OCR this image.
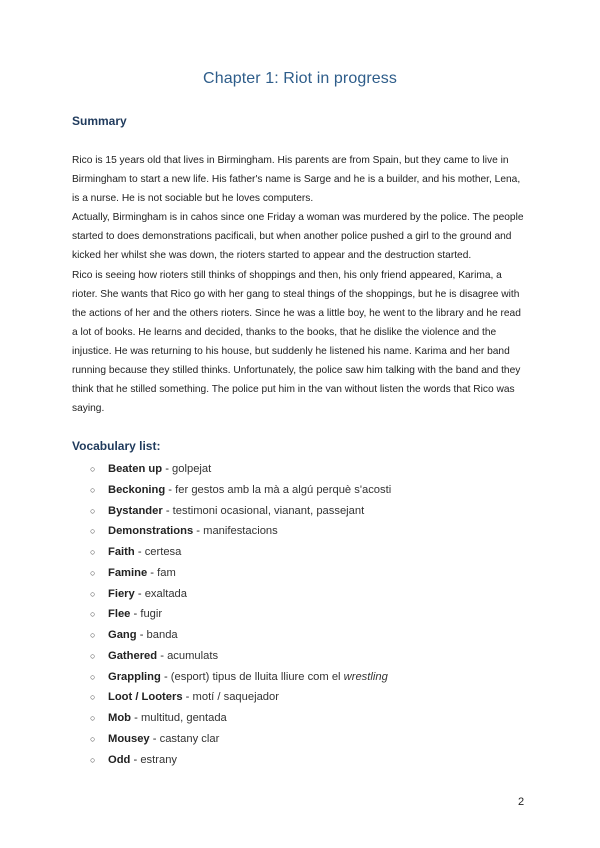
Chapter 1: Riot in progress
Summary

Rico is 15 years old that lives in Birmingham. His parents are from Spain, but they came to live in Birmingham to start a new life. His father's name is Sarge and he is a builder, and his mother, Lena, is a nurse. He is not sociable but he loves computers.

Actually, Birmingham is in cahos since one Friday a woman was murdered by the police. The people started to does demonstrations pacificali, but when another police pushed a girl to the ground and kicked her whilst she was down, the rioters started to appear and the destruction started.

Rico is seeing how rioters still thinks of shoppings and then, his only friend appeared, Karima, a rioter. She wants that Rico go with her gang to steal things of the shoppings, but he is disagree with the actions of her and the others rioters. Since he was a little boy, he went to the library and he read a lot of books. He learns and decided, thanks to the books, that he dislike the violence and the injustice. He was returning to his house, but suddenly he listened his name. Karima and her band running because they stilled thinks. Unfortunately, the police saw him talking with the band and they think that he stilled something. The police put him in the van without listen the words that Rico was saying.

Vocabulary list:
○ Beaten up - golpejat
○ Beckoning - fer gestos amb la mà a algú perquè s'acosti
○ Bystander - testimoni ocasional, vianant, passejant
○ Demonstrations - manifestacions
○ Faith - certesa
○ Famine - fam
○ Fiery - exaltada
○ Flee - fugir
○ Gang - banda
○ Gathered - acumulats
○ Grappling - (esport) tipus de lluita lliure com el wrestling
○ Loot / Looters - motí / saquejador
○ Mob - multitud, gentada
○ Mousey - castany clar
○ Odd - estrany
2
